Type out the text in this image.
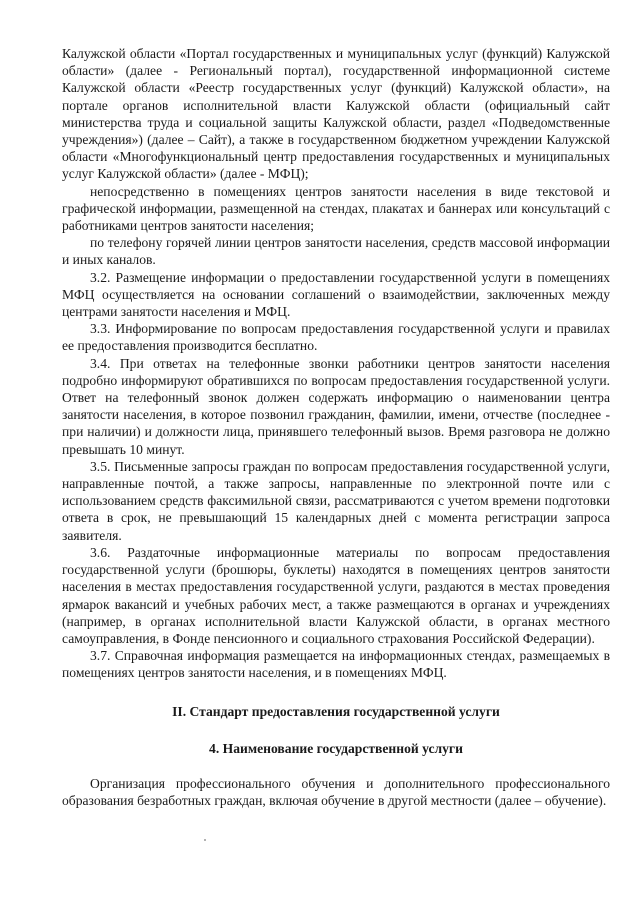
Калужской области «Портал государственных и муниципальных услуг (функций) Калужской области» (далее - Региональный портал), государственной информационной системе Калужской области «Реестр государственных услуг (функций) Калужской области», на портале органов исполнительной власти Калужской области (официальный сайт министерства труда и социальной защиты Калужской области, раздел «Подведомственные учреждения») (далее – Сайт), а также в государственном бюджетном учреждении Калужской области «Многофункциональный центр предоставления государственных и муниципальных услуг Калужской области» (далее - МФЦ);

непосредственно в помещениях центров занятости населения в виде текстовой и графической информации, размещенной на стендах, плакатах и баннерах или консультаций с работниками центров занятости населения;

по телефону горячей линии центров занятости населения, средств массовой информации и иных каналов.

3.2. Размещение информации о предоставлении государственной услуги в помещениях МФЦ осуществляется на основании соглашений о взаимодействии, заключенных между центрами занятости населения и МФЦ.

3.3. Информирование по вопросам предоставления государственной услуги и правилах ее предоставления производится бесплатно.

3.4. При ответах на телефонные звонки работники центров занятости населения подробно информируют обратившихся по вопросам предоставления государственной услуги. Ответ на телефонный звонок должен содержать информацию о наименовании центра занятости населения, в которое позвонил гражданин, фамилии, имени, отчестве (последнее - при наличии) и должности лица, принявшего телефонный вызов. Время разговора не должно превышать 10 минут.

3.5. Письменные запросы граждан по вопросам предоставления государственной услуги, направленные почтой, а также запросы, направленные по электронной почте или с использованием средств факсимильной связи, рассматриваются с учетом времени подготовки ответа в срок, не превышающий 15 календарных дней с момента регистрации запроса заявителя.

3.6. Раздаточные информационные материалы по вопросам предоставления государственной услуги (брошюры, буклеты) находятся в помещениях центров занятости населения в местах предоставления государственной услуги, раздаются в местах проведения ярмарок вакансий и учебных рабочих мест, а также размещаются в органах и учреждениях (например, в органах исполнительной власти Калужской области, в органах местного самоуправления, в Фонде пенсионного и социального страхования Российской Федерации).

3.7. Справочная информация размещается на информационных стендах, размещаемых в помещениях центров занятости населения, и в помещениях МФЦ.

II. Стандарт предоставления государственной услуги

4. Наименование государственной услуги

Организация профессионального обучения и дополнительного профессионального образования безработных граждан, включая обучение в другой местности (далее – обучение).
